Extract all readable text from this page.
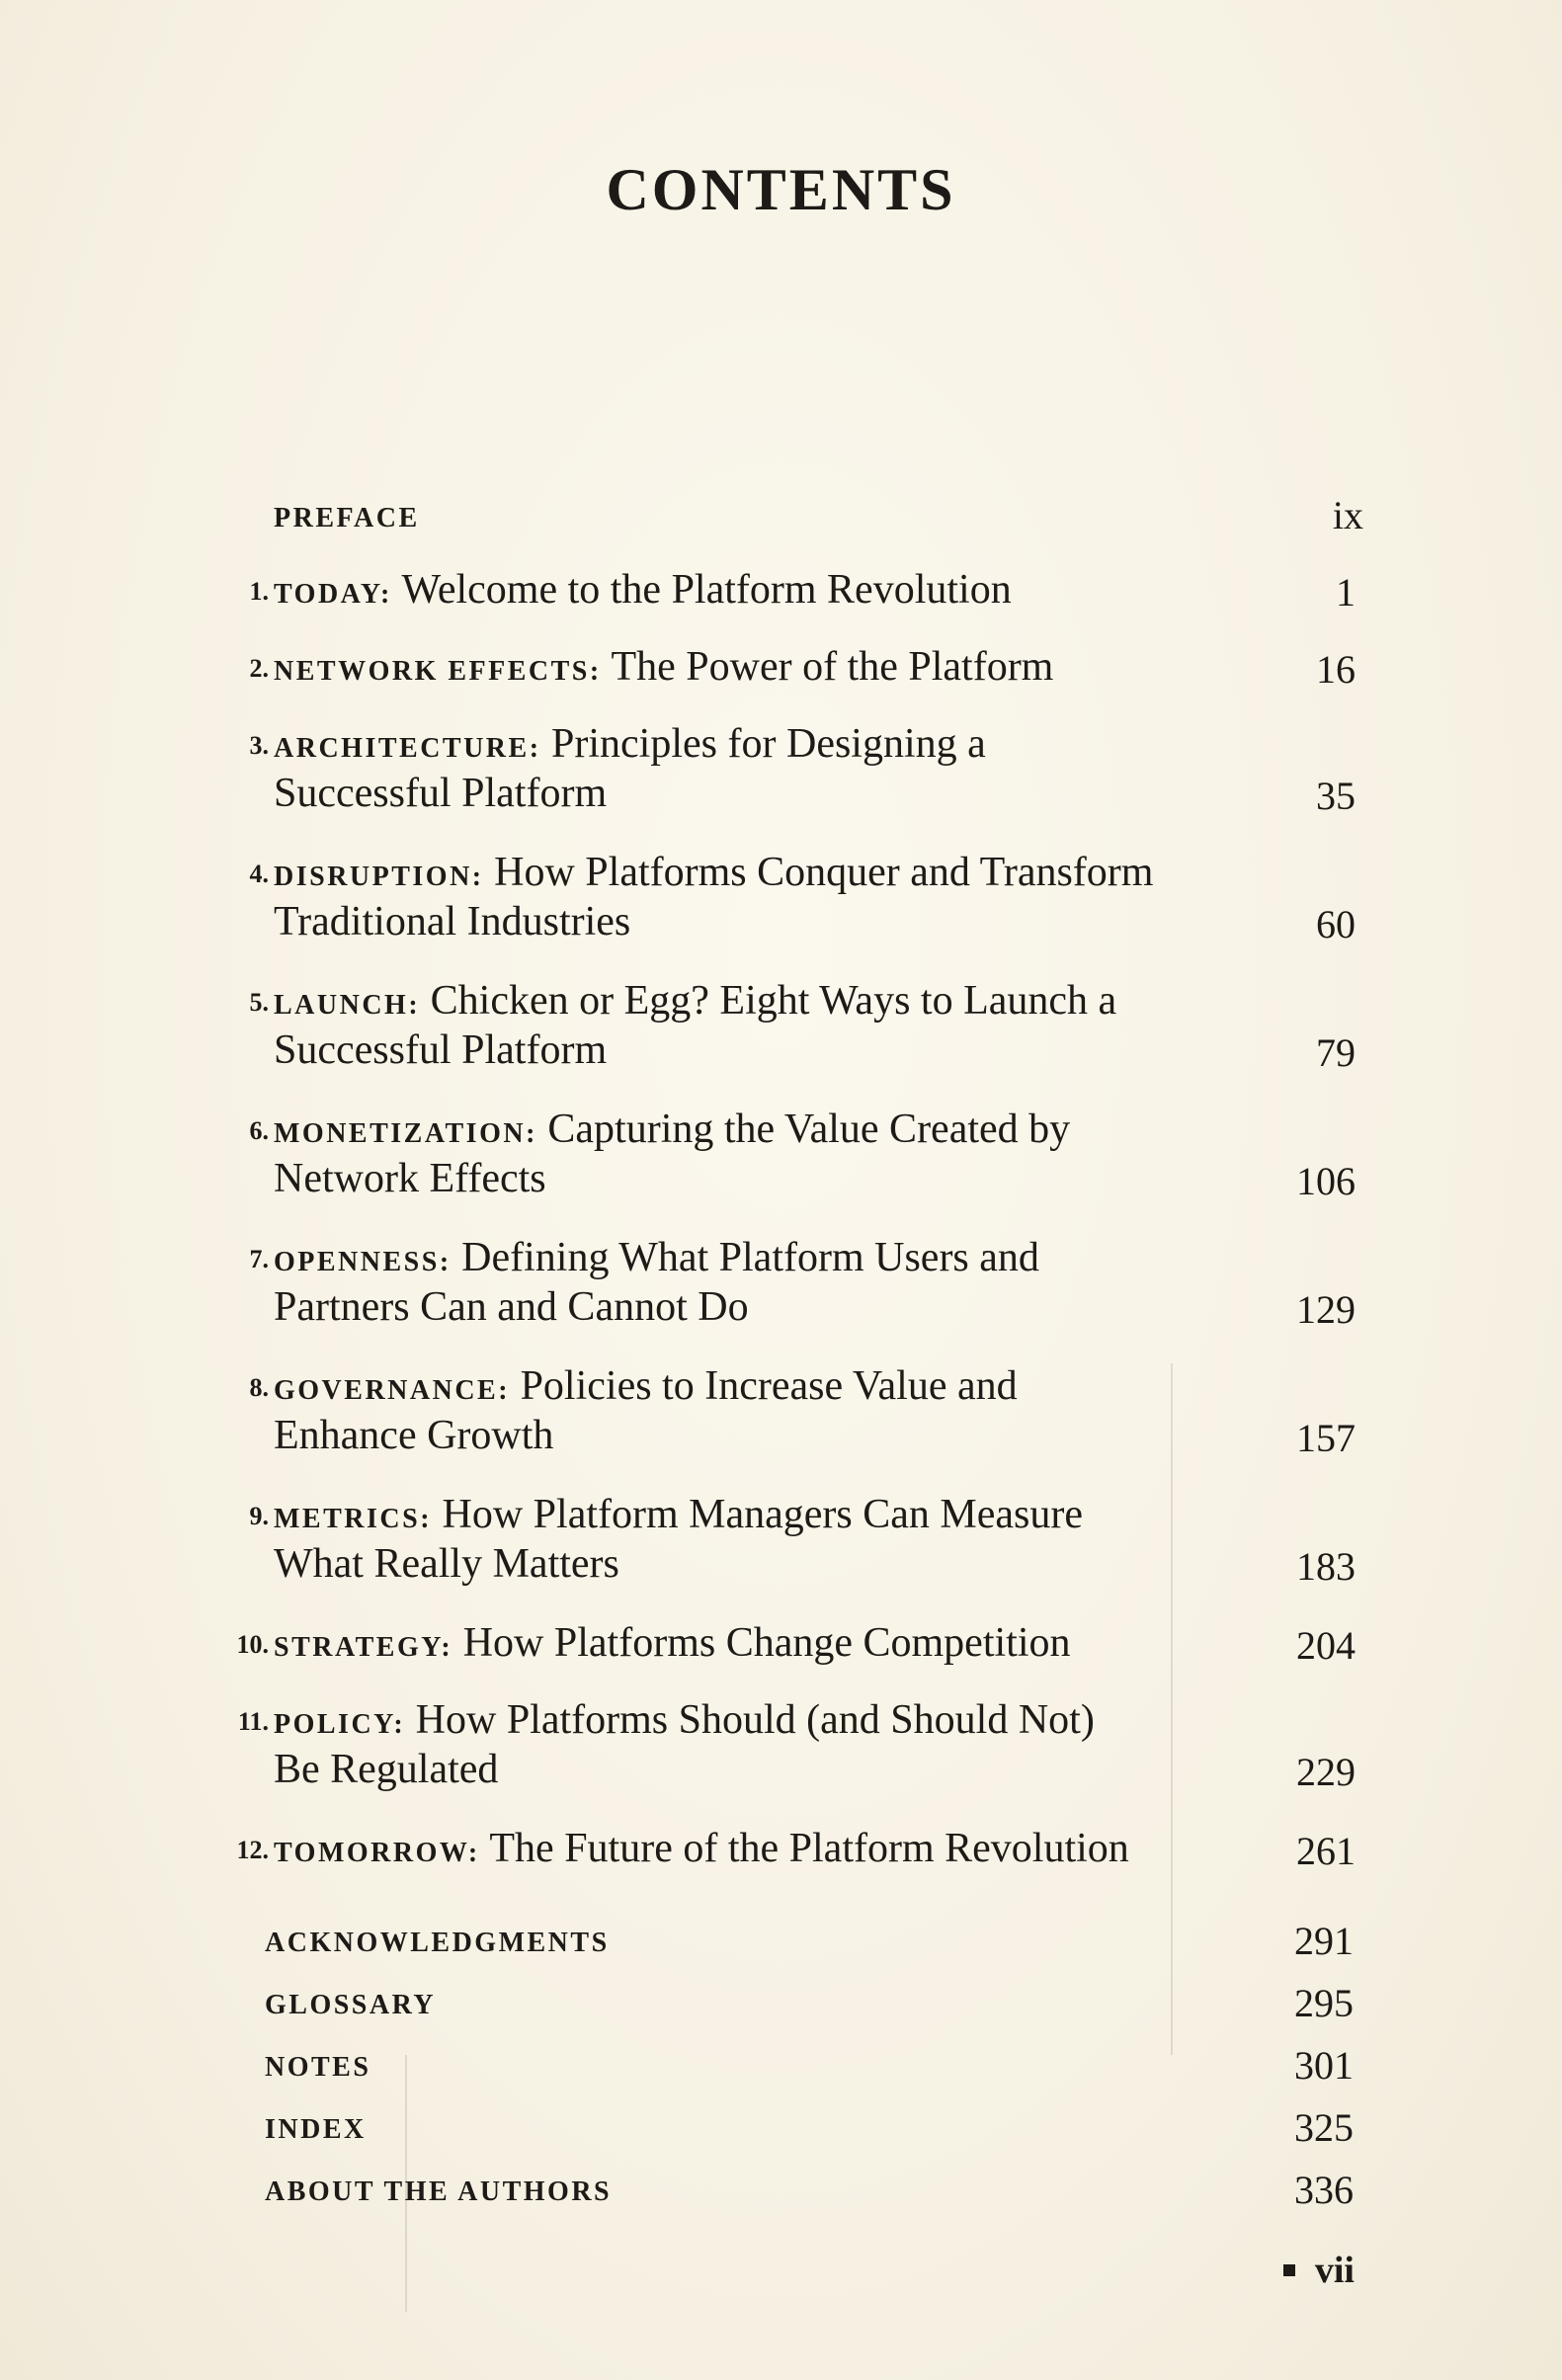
CONTENTS
PREFACE	ix
1. TODAY: Welcome to the Platform Revolution	1
2. NETWORK EFFECTS: The Power of the Platform	16
3. ARCHITECTURE: Principles for Designing a
Successful Platform	35
4. DISRUPTION: How Platforms Conquer and Transform
Traditional Industries	60
5. LAUNCH: Chicken or Egg? Eight Ways to Launch a
Successful Platform	79
6. MONETIZATION: Capturing the Value Created by
Network Effects	106
7. OPENNESS: Defining What Platform Users and
Partners Can and Cannot Do	129
8. GOVERNANCE: Policies to Increase Value and
Enhance Growth	157
9. METRICS: How Platform Managers Can Measure
What Really Matters	183
10. STRATEGY: How Platforms Change Competition	204
11. POLICY: How Platforms Should (and Should Not)
Be Regulated	229
12. TOMORROW: The Future of the Platform Revolution	261
ACKNOWLEDGMENTS	291
GLOSSARY	295
NOTES	301
INDEX	325
ABOUT THE AUTHORS	336
vii
